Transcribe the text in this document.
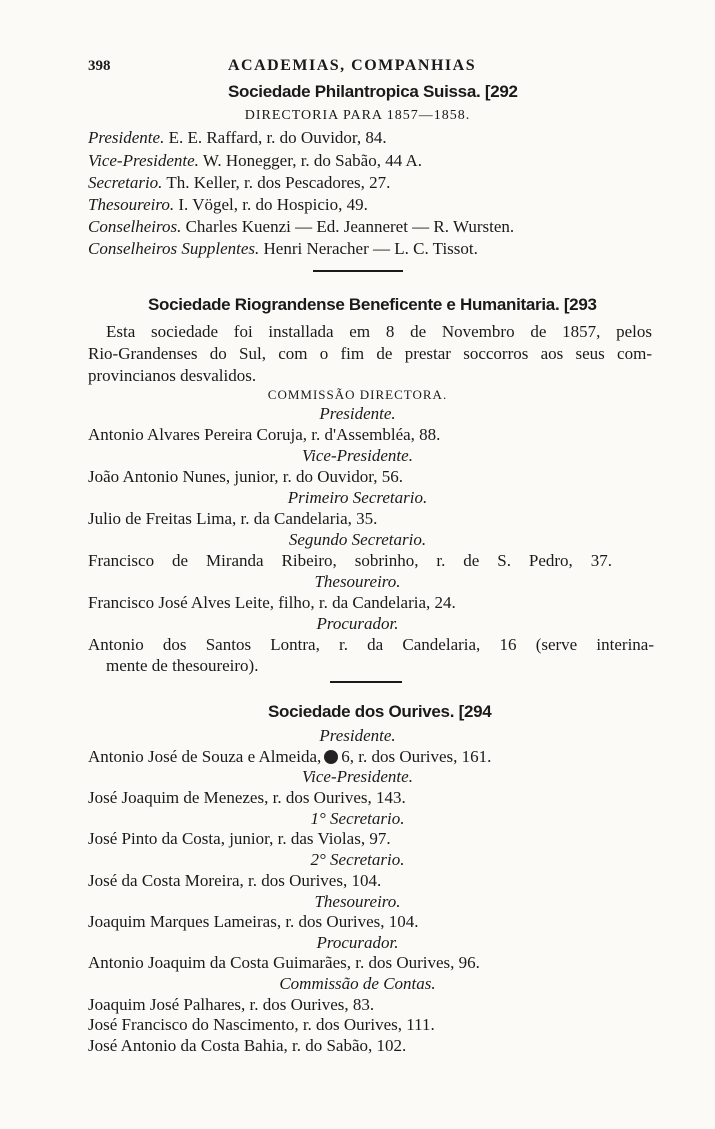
398	ACADEMIAS, COMPANHIAS
Sociedade Philantropica Suissa. [292
DIRECTORIA PARA 1857—1858.
Presidente. E. E. Raffard, r. do Ouvidor, 84.
Vice-Presidente. W. Honegger, r. do Sabão, 44 A.
Secretario. Th. Keller, r. dos Pescadores, 27.
Thesoureiro. I. Vögel, r. do Hospicio, 49.
Conselheiros. Charles Kuenzi — Ed. Jeanneret — R. Wursten.
Conselheiros Supplentes. Henri Neracher — L. C. Tissot.
Sociedade Riograndense Beneficente e Humanitaria. [293
Esta sociedade foi installada em 8 de Novembro de 1857, pelos
Rio-Grandenses do Sul, com o fim de prestar soccorros aos seus com-
provincianos desvalidos.
COMMISSÃO DIRECTORA.
Presidente.
Antonio Alvares Pereira Coruja, r. d'Assembléa, 88.
Vice-Presidente.
João Antonio Nunes, junior, r. do Ouvidor, 56.
Primeiro Secretario.
Julio de Freitas Lima, r. da Candelaria, 35.
Segundo Secretario.
Francisco de Miranda Ribeiro, sobrinho, r. de S. Pedro, 37.
Thesoureiro.
Francisco José Alves Leite, filho, r. da Candelaria, 24.
Procurador.
Antonio dos Santos Lontra, r. da Candelaria, 16 (serve interina-
mente de thesoureiro).
Sociedade dos Ourives. [294
Presidente.
Antonio José de Souza e Almeida, 6, r. dos Ourives, 161.
Vice-Presidente.
José Joaquim de Menezes, r. dos Ourives, 143.
1° Secretario.
José Pinto da Costa, junior, r. das Violas, 97.
2° Secretario.
José da Costa Moreira, r. dos Ourives, 104.
Thesoureiro.
Joaquim Marques Lameiras, r. dos Ourives, 104.
Procurador.
Antonio Joaquim da Costa Guimarães, r. dos Ourives, 96.
Commissão de Contas.
Joaquim José Palhares, r. dos Ourives, 83.
José Francisco do Nascimento, r. dos Ourives, 111.
José Antonio da Costa Bahia, r. do Sabão, 102.
